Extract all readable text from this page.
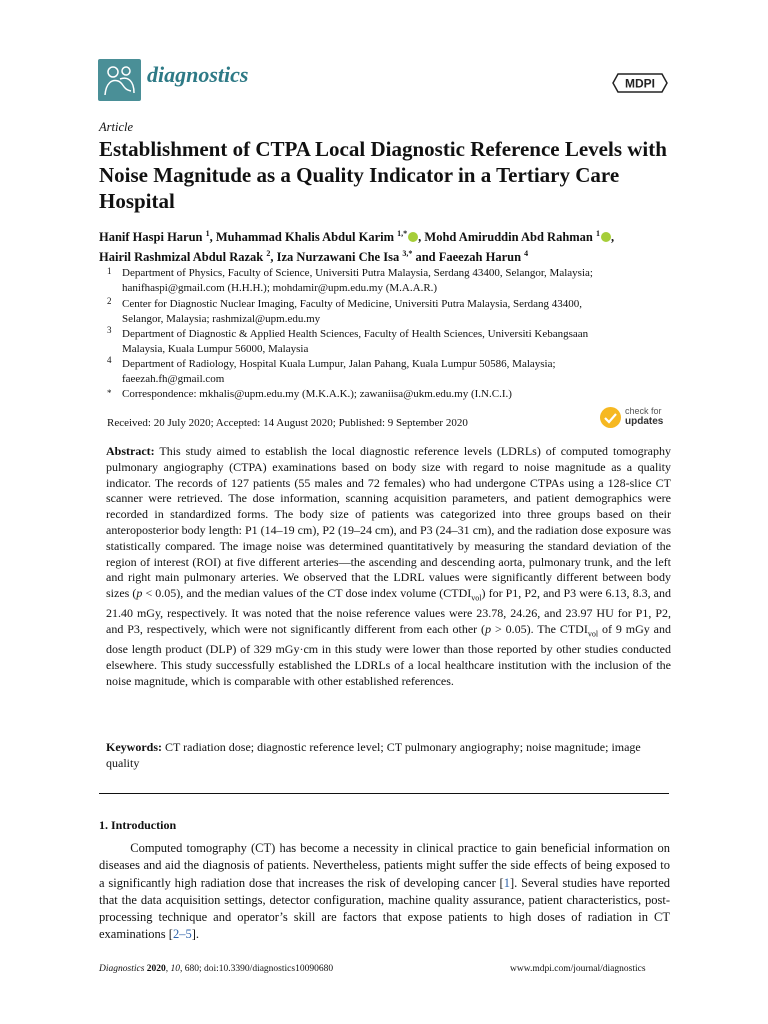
diagnostics	MDPI
Article
Establishment of CTPA Local Diagnostic Reference Levels with Noise Magnitude as a Quality Indicator in a Tertiary Care Hospital
Hanif Haspi Harun $^1$, Muhammad Khalis Abdul Karim $^{1,*}$ , Mohd Amiruddin Abd Rahman $^1$ ,
Hairil Rashmizal Abdul Razak $^2$, Iza Nurzawani Che Isa $^{3,*}$ and Faeezah Harun $^4$
1 Department of Physics, Faculty of Science, Universiti Putra Malaysia, Serdang 43400, Selangor, Malaysia;
hanifhaspi@gmail.com (H.H.H.); mohdamir@upm.edu.my (M.A.A.R.)
2 Center for Diagnostic Nuclear Imaging, Faculty of Medicine, Universiti Putra Malaysia, Serdang 43400,
Selangor, Malaysia; rashmizal@upm.edu.my
3 Department of Diagnostic & Applied Health Sciences, Faculty of Health Sciences, Universiti Kebangsaan
Malaysia, Kuala Lumpur 56000, Malaysia
4 Department of Radiology, Hospital Kuala Lumpur, Jalan Pahang, Kuala Lumpur 50586, Malaysia;
faeezah.fh@gmail.com
* Correspondence: mkhalis@upm.edu.my (M.K.A.K.); zawaniisa@ukm.edu.my (I.N.C.I.)
Received: 20 July 2020; Accepted: 14 August 2020; Published: 9 September 2020
check for
updates
Abstract: This study aimed to establish the local diagnostic reference levels (LDRLs) of computed tomography pulmonary angiography (CTPA) examinations based on body size with regard to noise magnitude as a quality indicator. The records of 127 patients (55 males and 72 females) who had undergone CTPAs using a 128-slice CT scanner were retrieved. The dose information, scanning acquisition parameters, and patient demographics were recorded in standardized forms. The body size of patients was categorized into three groups based on their anteroposterior body length: P1 (14–19 cm), P2 (19–24 cm), and P3 (24–31 cm), and the radiation dose exposure was statistically compared. The image noise was determined quantitatively by measuring the standard deviation of the region of interest (ROI) at five different arteries—the ascending and descending aorta, pulmonary trunk, and the left and right main pulmonary arteries. We observed that the LDRL values were significantly different between body sizes (p < 0.05), and the median values of the CT dose index volume $(CTDI_{vol})$ for P1, P2, and P3 were 6.13, 8.3, and 21.40 mGy, respectively. It was noted that the noise reference values were 23.78, 24.26, and 23.97 HU for P1, P2, and P3, respectively, which were not significantly different from each other (p > 0.05). The $CTDI_{vol}$ of 9 mGy and dose length product (DLP) of 329 mGy·cm in this study were lower than those reported by other studies conducted elsewhere. This study successfully established the LDRLs of a local healthcare institution with the inclusion of the noise magnitude, which is comparable with other established references.
Keywords: CT radiation dose; diagnostic reference level; CT pulmonary angiography; noise magnitude; image quality
1. Introduction
   Computed tomography (CT) has become a necessity in clinical practice to gain beneficial information on diseases and aid the diagnosis of patients. Nevertheless, patients might suffer the side effects of being exposed to a significantly high radiation dose that increases the risk of developing cancer [1]. Several studies have reported that the data acquisition settings, detector configuration, machine quality assurance, patient characteristics, post-processing technique and operator’s skill are factors that expose patients to high doses of radiation in CT examinations [2–5].
Diagnostics 2020, 10, 680; doi:10.3390/diagnostics10090680	www.mdpi.com/journal/diagnostics
